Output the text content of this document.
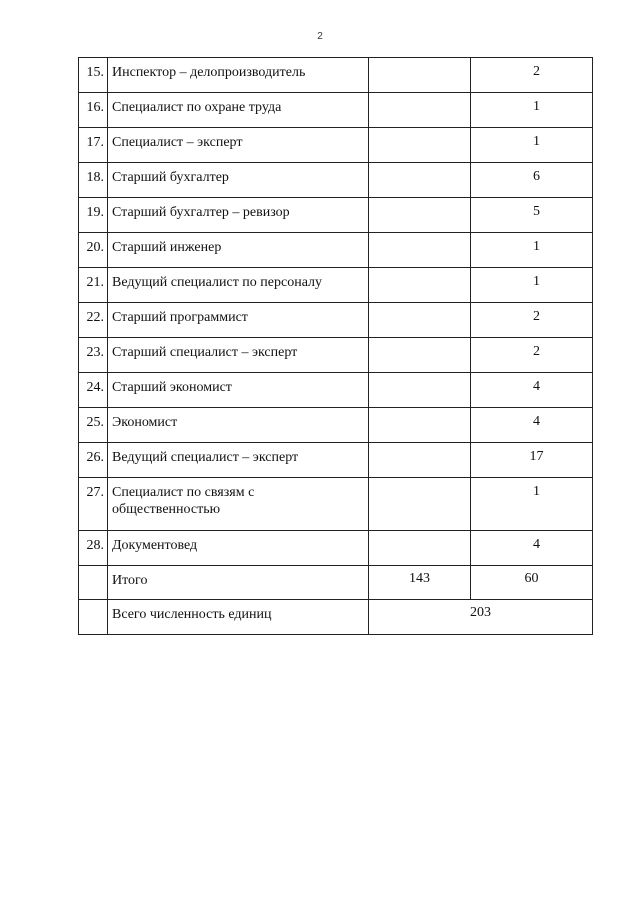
2
15.	Инспектор – делопроизводитель		2
16.	Специалист по охране труда		1
17.	Специалист – эксперт		1
18.	Старший бухгалтер		6
19.	Старший бухгалтер – ревизор		5
20.	Старший инженер		1
21.	Ведущий специалист по персоналу		1
22.	Старший программист		2
23.	Старший специалист – эксперт		2
24.	Старший экономист		4
25.	Экономист		4
26.	Ведущий специалист – эксперт		17
27.	Специалист по связям с общественностью		1
28.	Документовед		4
	Итого	143	60
	Всего численность единиц	203	
